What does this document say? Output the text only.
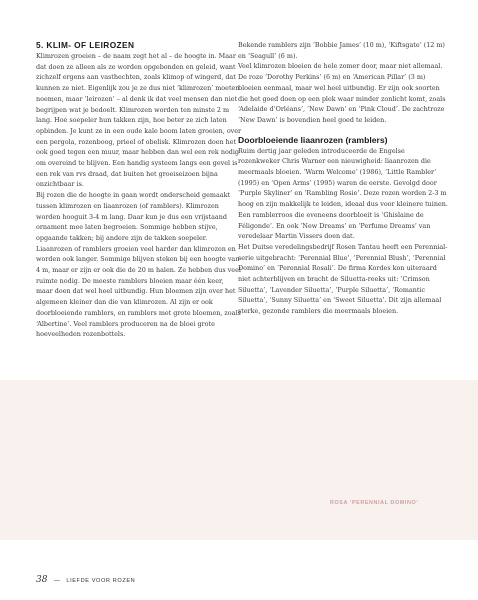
5. KLIM- OF LEIROZEN

Klimrozen groeien – de naam zegt het al – de hoogte in. Maar dat doen ze alleen als ze worden opgebonden en geleid, want zichzelf ergens aan vasthechten, zoals klimop of wingerd, dat kunnen ze niet. Eigenlijk zou je ze dus niet ‘klimrozen’ moeten noemen, maar ‘leirozen’ – al denk ik dat veel mensen dan niet begrijpen wat je bedoelt. Klimrozen worden ten minste 2 m lang. Hoe soepeler hun takken zijn, hoe beter ze zich laten opbinden. Je kunt ze in een oude kale boom laten groeien, over een pergola, rozenboog, prieel of obelisk. Klimrozen doen het ook goed tegen een muur, maar hebben dan wel een rek nodig om overeind te blijven. Een handig systeem langs een gevel is een rek van rvs draad, dat buiten het groeiseizoen bijna onzichtbaar is.

Bij rozen die de hoogte in gaan wordt onderscheid gemaakt tussen klimrozen en liaanrozen (of ramblers). Klimrozen worden hooguit 3-4 m lang. Daar kun je dus een vrijstaand ornament mee laten begroeien. Sommige hebben stijve, opgaande takken; bij andere zijn de takken soepeler. Liaanrozen of ramblers groeien veel harder dan klimrozen en worden ook langer. Sommige blijven steken bij een hoogte van 4 m, maar er zijn er ook die de 20 m halen. Ze hebben dus veel ruimte nodig. De meeste ramblers bloeien maar één keer, maar doen dat wel heel uitbundig. Hun bloemen zijn over het algemeen kleiner dan die van klimrozen. Al zijn er ook doorbloeiende ramblers, en ramblers met grote bloemen, zoals ‘Albertine’. Veel ramblers produceren na de bloei grote hoeveelheden rozenbottels.

Bekende ramblers zijn ‘Bobbie James’ (10 m), ‘Kiftsgate’ (12 m) en ‘Seagull’ (6 m).

Veel klimrozen bloeien de hele zomer door, maar niet allemaal. De roze ‘Dorothy Perkins’ (6 m) en ‘American Pillar’ (3 m) bloeien eenmaal, maar wel heel uitbundig. Er zijn ook soorten die het goed doen op een plek waar minder zonlicht komt, zoals ‘Adelaide d’Orléans’, ‘New Dawn’ en ‘Pink Cloud’. De zachtroze ‘New Dawn’ is bovendien heel goed te leiden.

Doorbloeiende liaanrozen (ramblers)

Ruim dertig jaar geleden introduceerde de Engelse rozenkweker Chris Warner een nieuwigheid: liaanrozen die meermaals bloeien. ‘Warm Welcome’ (1986), ‘Little Rambler’ (1995) en ‘Open Arms’ (1995) waren de eerste. Gevolgd door ‘Purple Skyliner’ en ‘Rambling Rosie’. Deze rozen worden 2-3 m hoog en zijn makkelijk te leiden, ideaal dus voor kleinere tuinen.

Een ramblerroos die eveneens doorbloeit is ‘Ghislaine de Féligonde’. En ook ‘New Dreams’ en ‘Perfume Dreams’ van veredelaar Martin Vissers doen dat.

Het Duitse veredelingsbedrijf Rosen Tantau heeft een Perennial-serie uitgebracht: ‘Perennial Blue’, ‘Perennial Blush’, ‘Perennial Domino’ en ‘Perennial Rosali’. De firma Kordes kon uiteraard niet achterblijven en bracht de Siluetta-reeks uit: ‘Crimson Siluetta’, ‘Lavender Siluetta’, ‘Purple Siluetta’, ‘Romantic Siluetta’, ‘Sunny Siluetta’ en ‘Sweet Siluetta’. Dit zijn allemaal sterke, gezonde ramblers die meermaals bloeien.

ROSA ‘PERENNIAL DOMINO’
38 — LIEFDE VOOR ROZEN
